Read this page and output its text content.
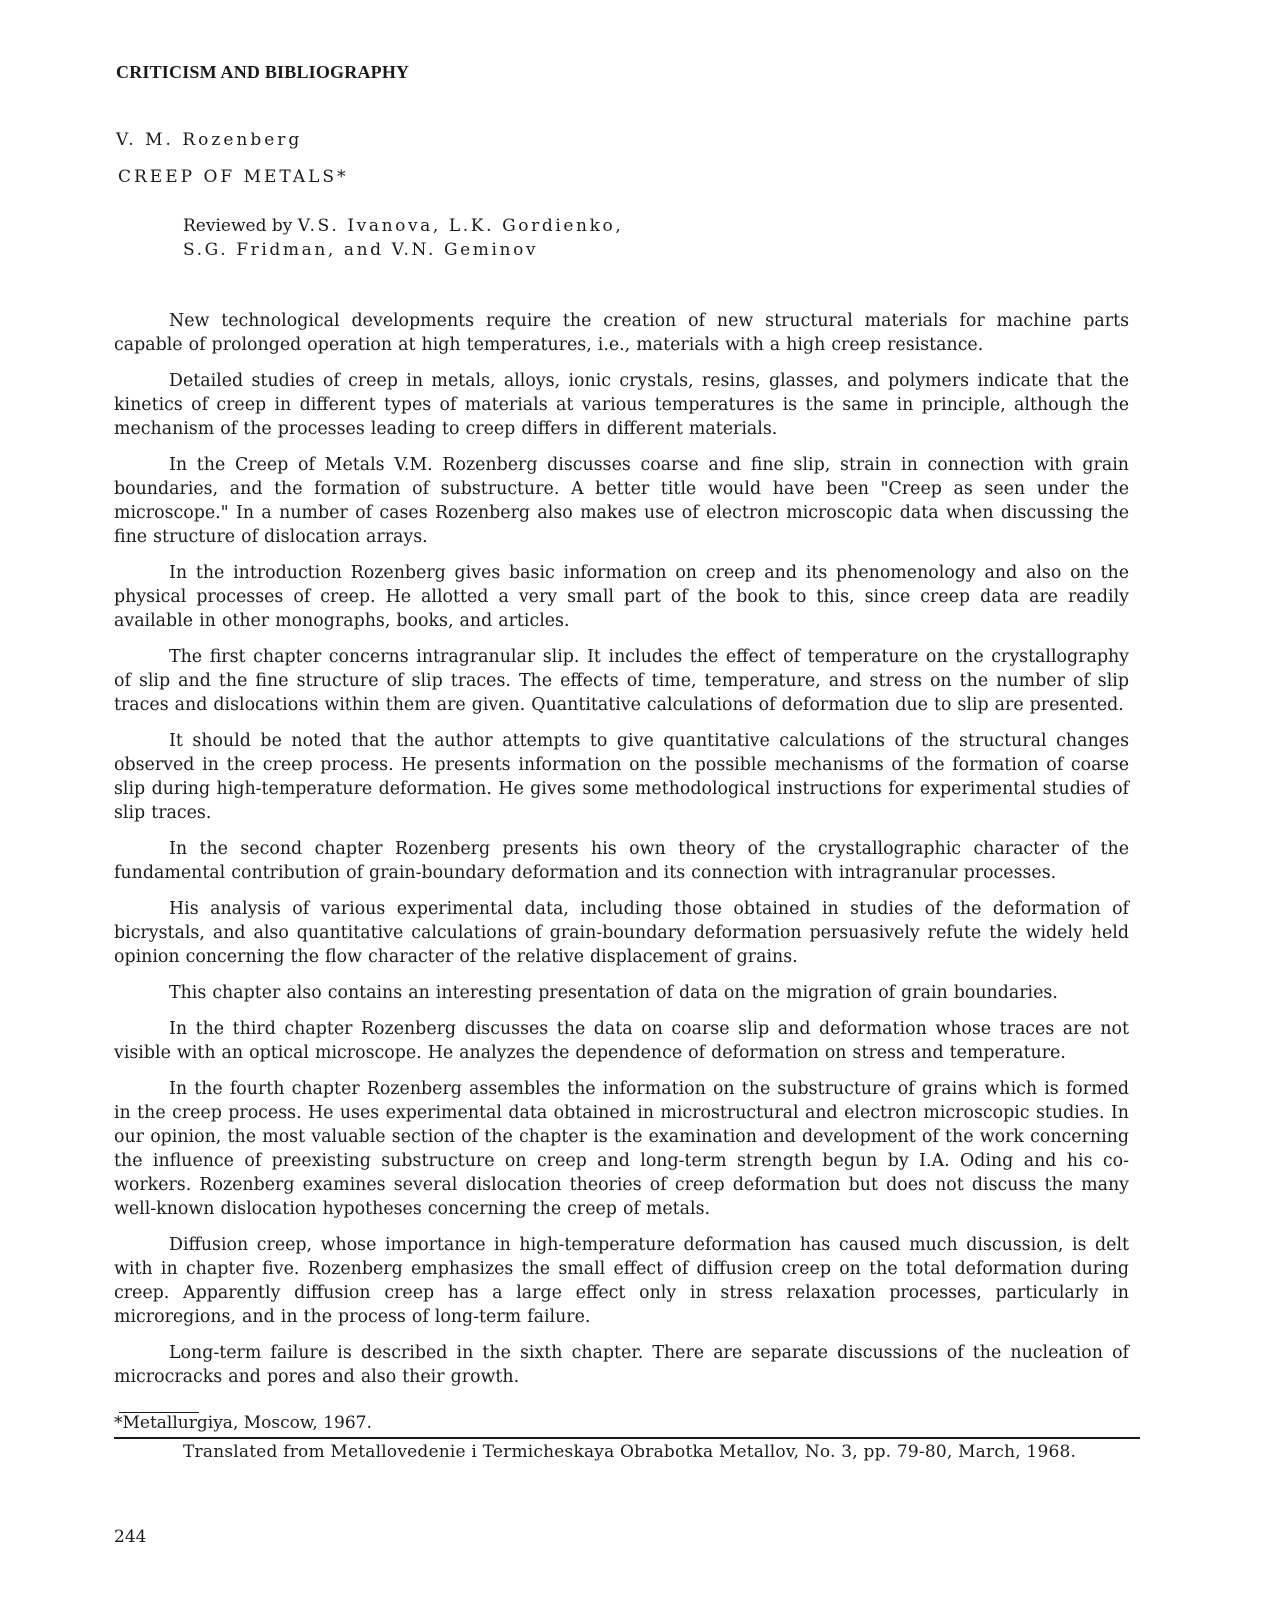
CRITICISM AND BIBLIOGRAPHY
V. M. Rozenberg
CREEP OF METALS*
Reviewed by V.S. Ivanova, L.K. Gordienko,
S.G. Fridman, and V.N. Geminov

New technological developments require the creation of new structural materials for machine parts capable of prolonged operation at high temperatures, i.e., materials with a high creep resistance.

Detailed studies of creep in metals, alloys, ionic crystals, resins, glasses, and polymers indicate that the kinetics of creep in different types of materials at various temperatures is the same in principle, although the mechanism of the processes leading to creep differs in different materials.

In the Creep of Metals V.M. Rozenberg discusses coarse and fine slip, strain in connection with grain boundaries, and the formation of substructure. A better title would have been "Creep as seen under the microscope." In a number of cases Rozenberg also makes use of electron microscopic data when discussing the fine structure of dislocation arrays.

In the introduction Rozenberg gives basic information on creep and its phenomenology and also on the physical processes of creep. He allotted a very small part of the book to this, since creep data are readily available in other monographs, books, and articles.

The first chapter concerns intragranular slip. It includes the effect of temperature on the crystallography of slip and the fine structure of slip traces. The effects of time, temperature, and stress on the number of slip traces and dislocations within them are given. Quantitative calculations of deformation due to slip are presented.

It should be noted that the author attempts to give quantitative calculations of the structural changes observed in the creep process. He presents information on the possible mechanisms of the formation of coarse slip during high-temperature deformation. He gives some methodological instructions for experimental studies of slip traces.

In the second chapter Rozenberg presents his own theory of the crystallographic character of the fundamental contribution of grain-boundary deformation and its connection with intragranular processes.

His analysis of various experimental data, including those obtained in studies of the deformation of bicrystals, and also quantitative calculations of grain-boundary deformation persuasively refute the widely held opinion concerning the flow character of the relative displacement of grains.

This chapter also contains an interesting presentation of data on the migration of grain boundaries.

In the third chapter Rozenberg discusses the data on coarse slip and deformation whose traces are not visible with an optical microscope. He analyzes the dependence of deformation on stress and temperature.

In the fourth chapter Rozenberg assembles the information on the substructure of grains which is formed in the creep process. He uses experimental data obtained in microstructural and electron microscopic studies. In our opinion, the most valuable section of the chapter is the examination and development of the work concerning the influence of preexisting substructure on creep and long-term strength begun by I.A. Oding and his co-workers. Rozenberg examines several dislocation theories of creep deformation but does not discuss the many well-known dislocation hypotheses concerning the creep of metals.

Diffusion creep, whose importance in high-temperature deformation has caused much discussion, is delt with in chapter five. Rozenberg emphasizes the small effect of diffusion creep on the total deformation during creep. Apparently diffusion creep has a large effect only in stress relaxation processes, particularly in microregions, and in the process of long-term failure.

Long-term failure is described in the sixth chapter. There are separate discussions of the nucleation of microcracks and pores and also their growth.

*Metallurgiya, Moscow, 1967.
Translated from Metallovedenie i Termicheskaya Obrabotka Metallov, No. 3, pp. 79-80, March, 1968.
244
